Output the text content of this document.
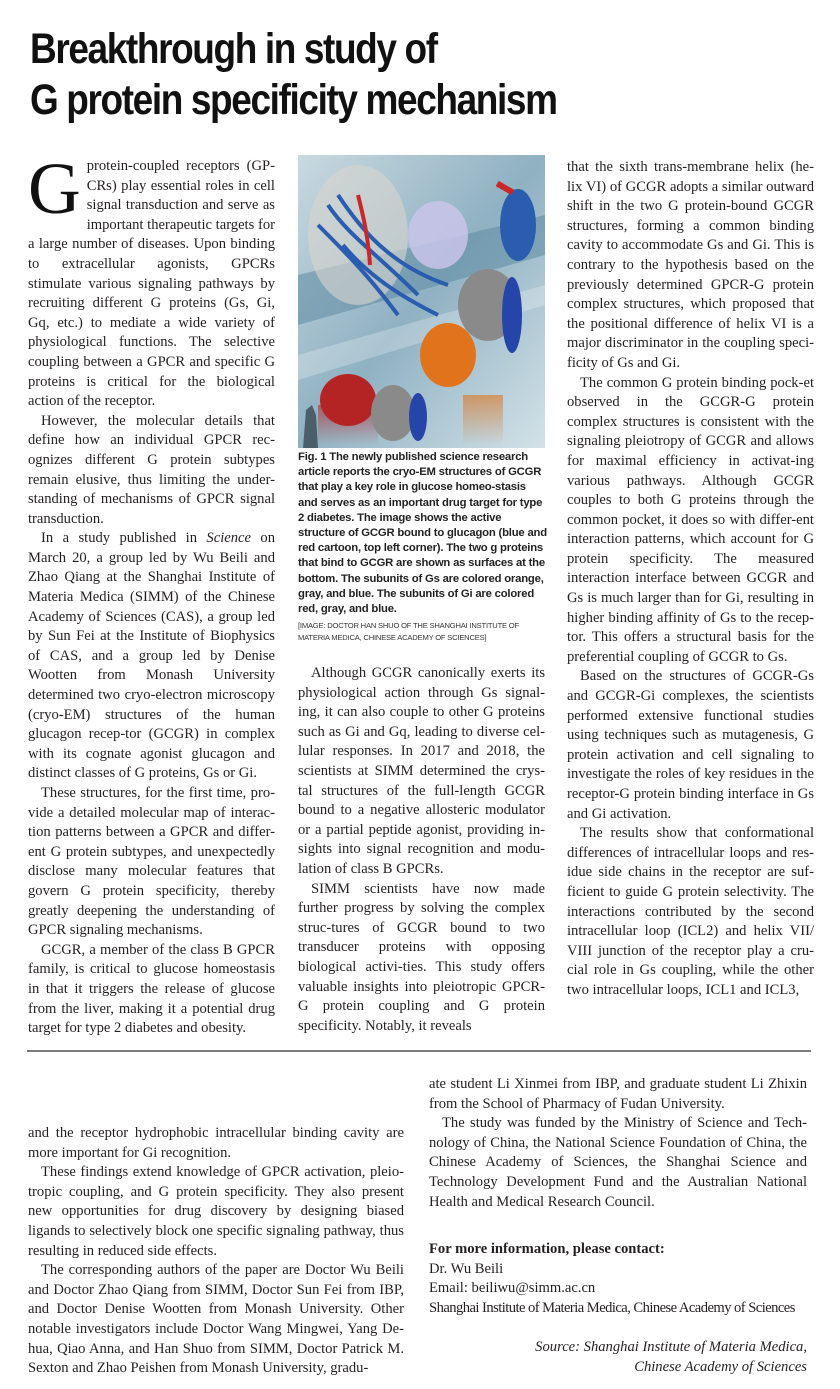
Breakthrough in study of
G protein specificity mechanism

Gprotein-coupled receptors (GP-CRs) play essential roles in cell signal transduction and serve as important therapeutic targets for a large number of diseases. Upon binding to extracellular agonists, GPCRs stimulate various signaling pathways by recruiting different G proteins (Gs, Gi, Gq, etc.) to mediate a wide variety of physiological functions. The selective coupling between a GPCR and specific G proteins is critical for the biological action of the receptor.

However, the molecular details that define how an individual GPCR rec-ognizes different G protein subtypes remain elusive, thus limiting the under-standing of mechanisms of GPCR signal transduction.

In a study published in Science on March 20, a group led by Wu Beili and Zhao Qiang at the Shanghai Institute of Materia Medica (SIMM) of the Chinese Academy of Sciences (CAS), a group led by Sun Fei at the Institute of Biophysics of CAS, and a group led by Denise Wootten from Monash University determined two cryo-electron microscopy (cryo-EM) structures of the human glucagon recep-tor (GCGR) in complex with its cognate agonist glucagon and distinct classes of G proteins, Gs or Gi.

These structures, for the first time, pro-vide a detailed molecular map of interac-tion patterns between a GPCR and differ-ent G protein subtypes, and unexpectedly disclose many molecular features that govern G protein specificity, thereby greatly deepening the understanding of GPCR signaling mechanisms.

GCGR, a member of the class B GPCR family, is critical to glucose homeostasis in that it triggers the release of glucose from the liver, making it a potential drug target for type 2 diabetes and obesity.

Fig. 1 The newly published science research article reports the cryo-EM structures of GCGR that play a key role in glucose homeo-stasis and serves as an important drug target for type 2 diabetes. The image shows the active structure of GCGR bound to glucagon (blue and red cartoon, top left corner). The two g proteins that bind to GCGR are shown as surfaces at the bottom. The subunits of Gs are colored orange, gray, and blue. The subunits of Gi are colored red, gray, and blue.
[IMAGE: DOCTOR HAN SHUO OF THE SHANGHAI INSTITUTE OF MATERIA MEDICA, CHINESE ACADEMY OF SCIENCES]

Although GCGR canonically exerts its physiological action through Gs signal-ing, it can also couple to other G proteins such as Gi and Gq, leading to diverse cel-lular responses. In 2017 and 2018, the scientists at SIMM determined the crys-tal structures of the full-length GCGR bound to a negative allosteric modulator or a partial peptide agonist, providing in-sights into signal recognition and modu-lation of class B GPCRs.

SIMM scientists have now made further progress by solving the complex struc-tures of GCGR bound to two transducer proteins with opposing biological activi-ties. This study offers valuable insights into pleiotropic GPCR-G protein coupling and G protein specificity. Notably, it reveals

that the sixth trans-membrane helix (he-lix VI) of GCGR adopts a similar outward shift in the two G protein-bound GCGR structures, forming a common binding cavity to accommodate Gs and Gi. This is contrary to the hypothesis based on the previously determined GPCR-G protein complex structures, which proposed that the positional difference of helix VI is a major discriminator in the coupling speci-ficity of Gs and Gi.

The common G protein binding pock-et observed in the GCGR-G protein complex structures is consistent with the signaling pleiotropy of GCGR and allows for maximal efficiency in activat-ing various pathways. Although GCGR couples to both G proteins through the common pocket, it does so with differ-ent interaction patterns, which account for G protein specificity. The measured interaction interface between GCGR and Gs is much larger than for Gi, resulting in higher binding affinity of Gs to the recep-tor. This offers a structural basis for the preferential coupling of GCGR to Gs.

Based on the structures of GCGR-Gs and GCGR-Gi complexes, the scientists performed extensive functional studies using techniques such as mutagenesis, G protein activation and cell signaling to investigate the roles of key residues in the receptor-G protein binding interface in Gs and Gi activation.

The results show that conformational differences of intracellular loops and res-idue side chains in the receptor are suf-ficient to guide G protein selectivity. The interactions contributed by the second intracellular loop (ICL2) and helix VII/ VIII junction of the receptor play a cru-cial role in Gs coupling, while the other two intracellular loops, ICL1 and ICL3,

and the receptor hydrophobic intracellular binding cavity are more important for Gi recognition.

These findings extend knowledge of GPCR activation, pleio-tropic coupling, and G protein specificity. They also present new opportunities for drug discovery by designing biased ligands to selectively block one specific signaling pathway, thus resulting in reduced side effects.

The corresponding authors of the paper are Doctor Wu Beili and Doctor Zhao Qiang from SIMM, Doctor Sun Fei from IBP, and Doctor Denise Wootten from Monash University. Other notable investigators include Doctor Wang Mingwei, Yang De-hua, Qiao Anna, and Han Shuo from SIMM, Doctor Patrick M. Sexton and Zhao Peishen from Monash University, gradu-

ate student Li Xinmei from IBP, and graduate student Li Zhixin from the School of Pharmacy of Fudan University.

The study was funded by the Ministry of Science and Tech-nology of China, the National Science Foundation of China, the Chinese Academy of Sciences, the Shanghai Science and Technology Development Fund and the Australian National Health and Medical Research Council.

For more information, please contact:
Dr. Wu Beili
Email: beiliwu@simm.ac.cn
Shanghai Institute of Materia Medica, Chinese Academy of Sciences
Source: Shanghai Institute of Materia Medica,
Chinese Academy of Sciences
